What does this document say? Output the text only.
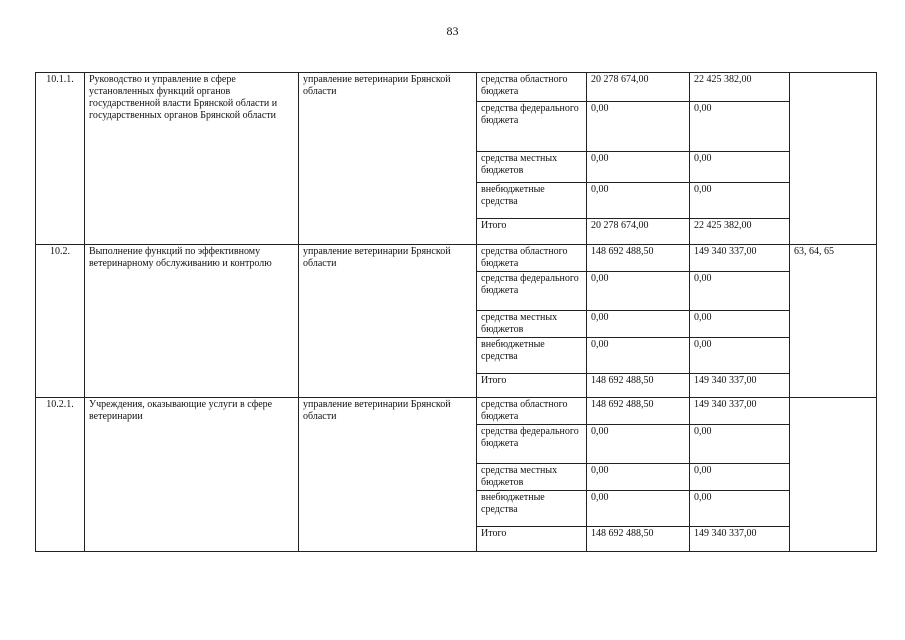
83
10.1.1.	Руководство и управление в сфере установленных функций органов государственной власти Брянской области и государственных органов Брянской области	управление ветеринарии Брянской области	средства областного бюджета	20 278 674,00	22 425 382,00	
			средства федерального бюджета	0,00	0,00	
			средства местных бюджетов	0,00	0,00	
			внебюджетные средства	0,00	0,00	
			Итого	20 278 674,00	22 425 382,00	
10.2.	Выполнение функций по эффективному ветеринарному обслуживанию и контролю	управление ветеринарии Брянской области	средства областного бюджета	148 692 488,50	149 340 337,00	63, 64, 65
			средства федерального бюджета	0,00	0,00	
			средства местных бюджетов	0,00	0,00	
			внебюджетные средства	0,00	0,00	
			Итого	148 692 488,50	149 340 337,00	
10.2.1.	Учреждения, оказывающие услуги в сфере ветеринарии	управление ветеринарии Брянской области	средства областного бюджета	148 692 488,50	149 340 337,00	
			средства федерального бюджета	0,00	0,00	
			средства местных бюджетов	0,00	0,00	
			внебюджетные средства	0,00	0,00	
			Итого	148 692 488,50	149 340 337,00	
